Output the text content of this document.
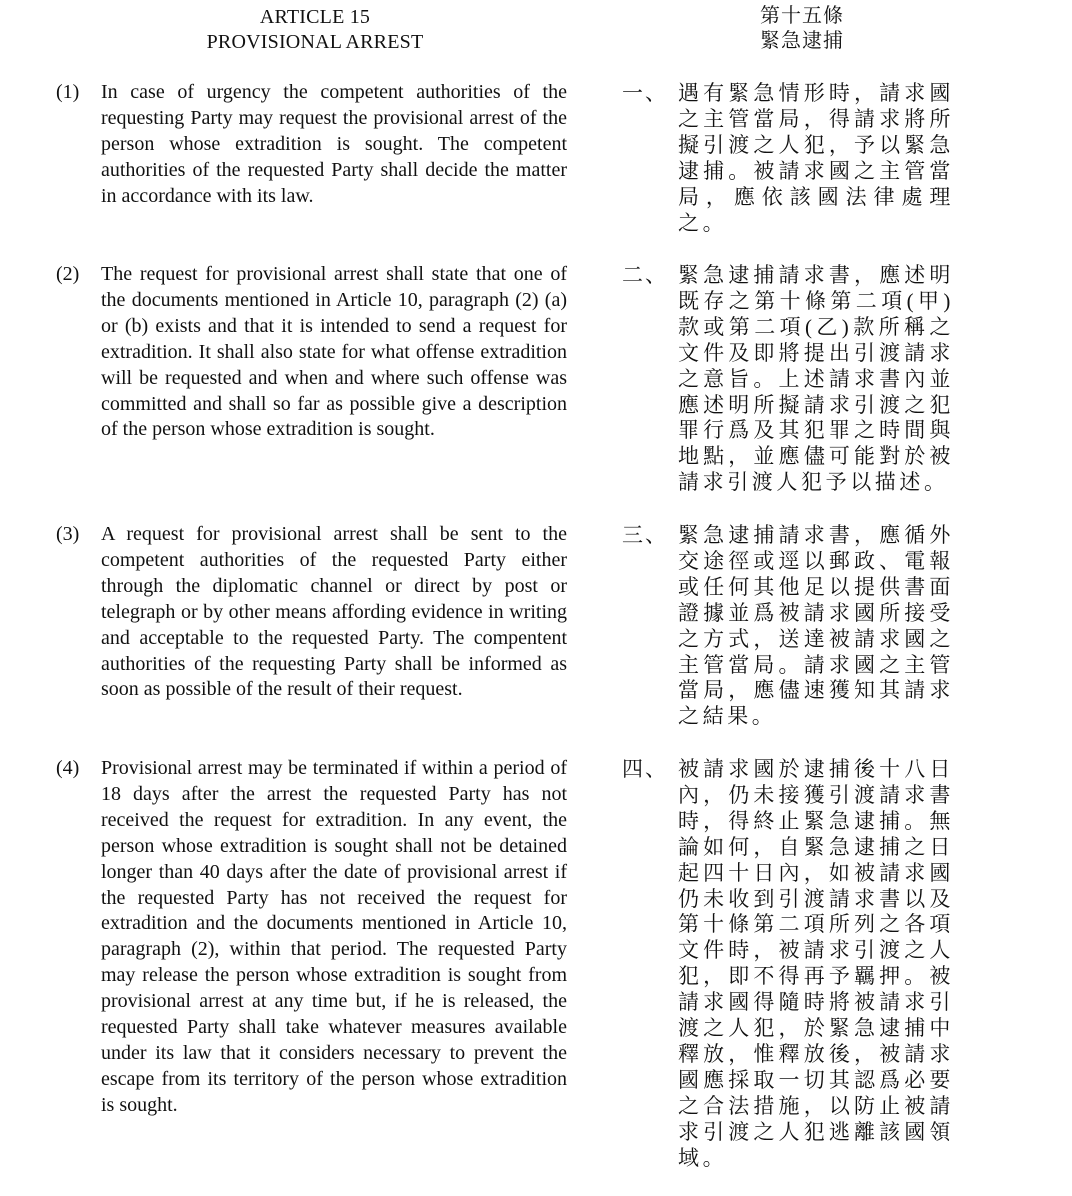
ARTICLE 15
PROVISIONAL ARREST
第十五條
緊急逮捕
(1) In case of urgency the competent authorities of the requesting Party may request the provisional arrest of the person whose extradition is sought. The competent authorities of the requested Party shall decide the matter in accordance with its law.
(2) The request for provisional arrest shall state that one of the documents mentioned in Article 10, paragraph (2) (a) or (b) exists and that it is intended to send a request for extradition. It shall also state for what offense extradition will be requested and when and where such offense was committed and shall so far as possible give a description of the person whose extradition is sought.
(3) A request for provisional arrest shall be sent to the competent authorities of the requested Party either through the diplomatic channel or direct by post or telegraph or by other means affording evidence in writing and acceptable to the requested Party. The compentent authorities of the requesting Party shall be informed as soon as possible of the result of their request.
(4) Provisional arrest may be terminated if within a period of 18 days after the arrest the requested Party has not received the request for extradition. In any event, the person whose extradition is sought shall not be detained longer than 40 days after the date of provisional arrest if the requested Party has not received the request for extradition and the documents mentioned in Article 10, paragraph (2), within that period. The requested Party may release the person whose extradition is sought from provisional arrest at any time but, if he is released, the requested Party shall take whatever measures available under its law that it considers necessary to prevent the escape from its territory of the person whose extradition is sought.
一、 遇有緊急情形時，請求國之主管當局，得請求將所擬引渡之人犯，予以緊急逮捕。被請求國之主管當局，應依該國法律處理之。
二、 緊急逮捕請求書，應述明既存之第十條第二項(甲)款或第二項(乙)款所稱之文件及即將提出引渡請求之意旨。上述請求書內並應述明所擬請求引渡之犯罪行爲及其犯罪之時間與地點，並應儘可能對於被請求引渡人犯予以描述。
三、 緊急逮捕請求書，應循外交途徑或逕以郵政、電報或任何其他足以提供書面證據並爲被請求國所接受之方式，送達被請求國之主管當局。請求國之主管當局，應儘速獲知其請求之結果。
四、 被請求國於逮捕後十八日內，仍未接獲引渡請求書時，得終止緊急逮捕。無論如何，自緊急逮捕之日起四十日內，如被請求國仍未收到引渡請求書以及第十條第二項所列之各項文件時，被請求引渡之人犯，即不得再予羈押。被請求國得隨時將被請求引渡之人犯，於緊急逮捕中釋放，惟釋放後，被請求國應採取一切其認爲必要之合法措施，以防止被請求引渡之人犯逃離該國領域。
